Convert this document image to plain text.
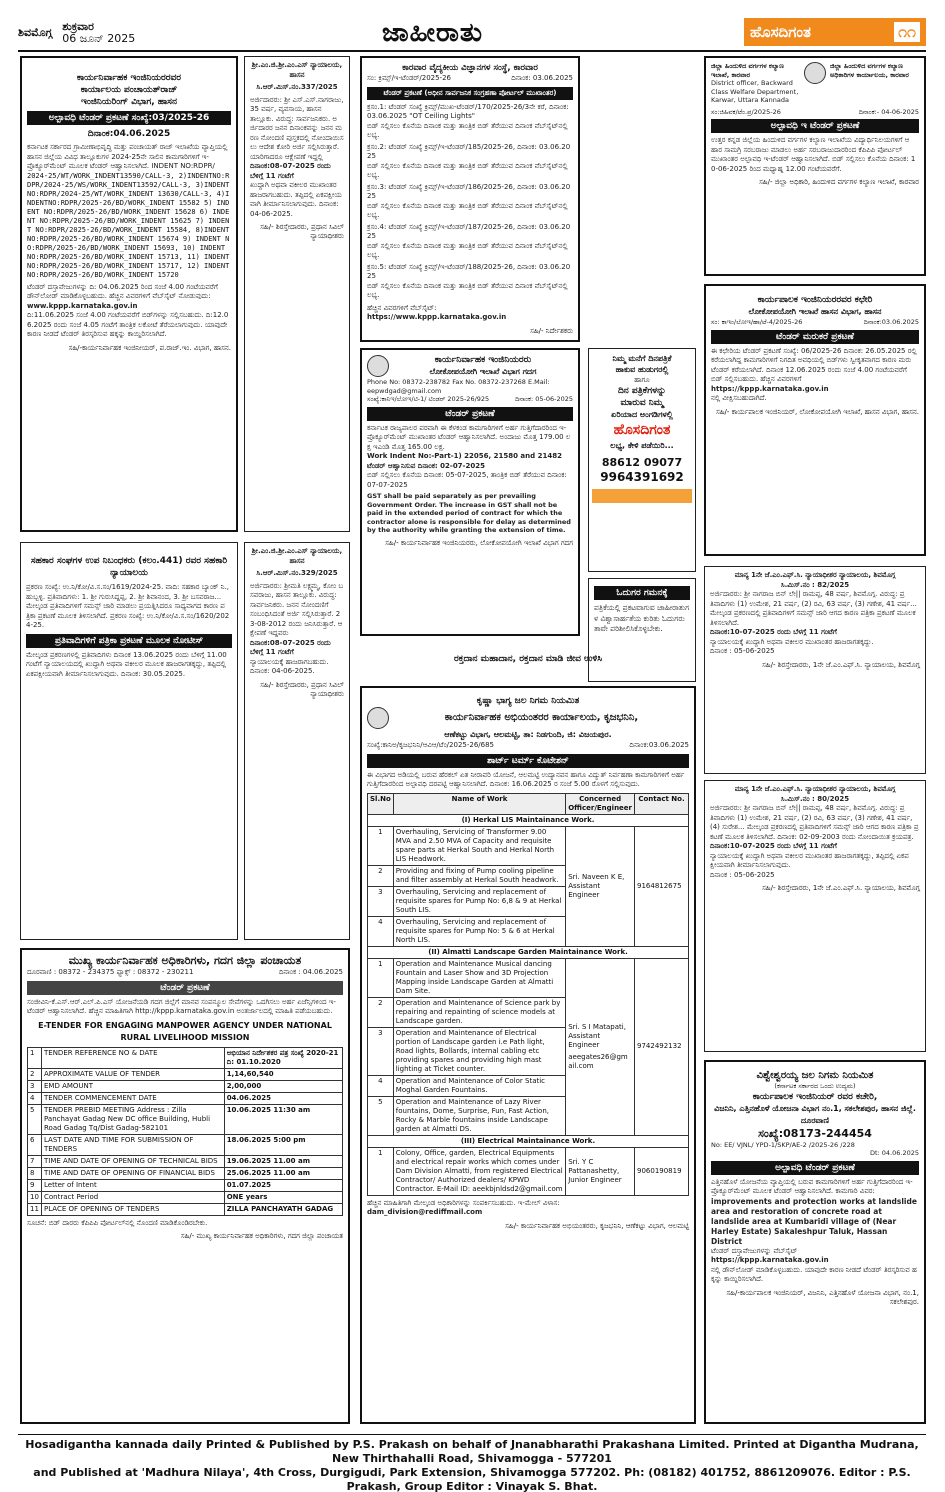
ಶಿವಮೊಗ್ಗ ಶುಕ್ರವಾರ
06 ಜೂನ್ 2025	ಜಾಹೀರಾತು	ಹೊಸದಿಗಂತ	೧೧
ಕಾರ್ಯನಿರ್ವಾಹಕ ಇಂಜಿನಿಯರರವರ
ಕಾರ್ಯಾಲಯ ಪಂಚಾಯತ್‌ರಾಜ್
ಇಂಜಿನಿಯರಿಂಗ್ ವಿಭಾಗ, ಹಾಸನ
ಅಲ್ಪಾವಧಿ ಟೆಂಡರ್ ಪ್ರಕಟಣೆ ಸಂಖ್ಯೆ:03/2025-26
ದಿನಾಂಕ:04.06.2025
ಕರ್ನಾಟಕ ಸರ್ಕಾರದ ಗ್ರಾಮೀಣಾಭಿವೃದ್ಧಿ ಮತ್ತು ಪಂಚಾಯತ್ ರಾಜ್ ಇಲಾಖೆಯ ವ್ಯಾಪ್ತಿಯಲ್ಲಿ ಹಾಸನ ಜಿಲ್ಲೆಯ ವಿವಿಧ ತಾಲ್ಲೂಕುಗಳ 2024-25ನೇ ಸಾಲಿನ ಕಾಮಗಾರಿಗಳಿಗೆ ಇ-ಪ್ರೊಕ್ಯೂರ್‌ಮೆಂಟ್ ಮೂಲಕ ಟೆಂಡರ್ ಆಹ್ವಾನಿಸಲಾಗಿದೆ. INDENT NO:RDPR/
2024-25/WT/WORK_INDENT13590/CALL-3, 2)INDENTNO:RDPR/2024-25/WS/WORK_INDENT13592/CALL-3, 3)INDENTNO:RDPR/2024-25/WT/WORK_INDENT 13630/CALL-3, 4)INDENTNO:RDPR/2025-26/BD/WORK_INDENT 15582 5) INDENT NO:RDPR/2025-26/BD/WORK_INDENT 15628 6) INDENT NO:RDPR/2025-26/BD/WORK_INDENT 15625 7) INDENT NO:RDPR/2025-26/BD/WORK_INDENT 15584, 8)INDENT NO:RDPR/2025-26/BD/WORK_INDENT 15674 9) INDENT NO:RDPR/2025-26/BD/WORK_INDENT 15693, 10) INDENT NO:RDPR/2025-26/BD/WORK_INDENT 15713, 11) INDENT NO:RDPR/2025-26/BD/WORK_INDENT 15717, 12) INDENT NO:RDPR/2025-26/BD/WORK_INDENT 15720
ಟೆಂಡರ್ ದಸ್ತಾವೇಜುಗಳನ್ನು ದಿ: 04.06.2025 ರಿಂದ ಸಂಜೆ 4.00 ಗಂಟೆಯವರೆಗೆ ಡೌನ್‌ಲೋಡ್ ಮಾಡಿಕೊಳ್ಳಬಹುದು. ಹೆಚ್ಚಿನ ವಿವರಗಳಿಗೆ ವೆಬ್‌ಸೈಟ್ ನೋಡುವುದು:
www.kppp.karnataka.gov.in
ದಿ:11.06.2025 ಸಂಜೆ 4.00 ಗಂಟೆಯವರೆಗೆ ಬಿಡ್‌ಗಳನ್ನು ಸಲ್ಲಿಸಬಹುದು. ದಿ:12.06.2025 ರಂದು ಸಂಜೆ 4.05 ಗಂಟೆಗೆ ತಾಂತ್ರಿಕ ಲಕೋಟೆ ತೆರೆಯಲಾಗುವುದು. ಯಾವುದೇ ಕಾರಣ ನೀಡದೆ ಟೆಂಡರ್ ತಿರಸ್ಕರಿಸುವ ಹಕ್ಕನ್ನು ಕಾಯ್ದಿರಿಸಲಾಗಿದೆ.
ಸಹಿ/-ಕಾರ್ಯನಿರ್ವಾಹಕ ಇಂಜಿನೀಯರ್, ಪ.ರಾಜ್.ಇಂ. ವಿಭಾಗ, ಹಾಸನ.
ಸಹಕಾರ ಸಂಘಗಳ ಉಪ ನಿಬಂಧಕರು (ಕಲಂ.441) ರವರ ಸಹಕಾರಿ ನ್ಯಾಯಾಲಯ
ಪ್ರಕರಣ ಸಂಖ್ಯೆ: ಉ.ನಿ/ಕೋ/ವಿ.ಸ.ಸಂ/1619/2024-25. ವಾದಿ: ಸಹಕಾರ ಬ್ಯಾಂಕ್ ನಿ., ಹುಬ್ಬಳ್ಳಿ. ಪ್ರತಿವಾದಿಗಳು: 1. ಶ್ರೀ ಗುರುಸಿದ್ದಪ್ಪ, 2. ಶ್ರೀ ಶಿವಾನಂದ, 3. ಶ್ರೀ ಬಸವರಾಜ... ಮೇಲ್ಕಂಡ ಪ್ರತಿವಾದಿಗಳಿಗೆ ಸಮನ್ಸ್ ಜಾರಿ ಮಾಡಲು ಪ್ರಯತ್ನಿಸಿದರೂ ಸಾಧ್ಯವಾಗದ ಕಾರಣ ಪತ್ರಿಕಾ ಪ್ರಕಟಣೆ ಮೂಲಕ ತಿಳಿಸಲಾಗಿದೆ. ಪ್ರಕರಣ ಸಂಖ್ಯೆ: ಉ.ನಿ/ಕೋ/ವಿ.ಸ.ಸಂ/1620/2024-25.
ಪ್ರತಿವಾದಿಗಳಿಗೆ ಪತ್ರಿಕಾ ಪ್ರಕಟಣೆ ಮೂಲಕ ನೋಟೀಸ್
ಮೇಲ್ಕಂಡ ಪ್ರಕರಣಗಳಲ್ಲಿ ಪ್ರತಿವಾದಿಗಳು ದಿನಾಂಕ 13.06.2025 ರಂದು ಬೆಳಿಗ್ಗೆ 11.00 ಗಂಟೆಗೆ ನ್ಯಾಯಾಲಯದಲ್ಲಿ ಖುದ್ದಾಗಿ ಅಥವಾ ವಕೀಲರ ಮೂಲಕ ಹಾಜರಾಗತಕ್ಕದ್ದು, ತಪ್ಪಿದಲ್ಲಿ ಏಕಪಕ್ಷೀಯವಾಗಿ ತೀರ್ಮಾನಿಸಲಾಗುವುದು. ದಿನಾಂಕ: 30.05.2025.
ಮುಖ್ಯ ಕಾರ್ಯನಿರ್ವಾಹಕ ಅಧಿಕಾರಿಗಳು, ಗದಗ ಜಿಲ್ಲಾ ಪಂಚಾಯತ
ದೂರವಾಣಿ : 08372 - 234375 ಫ್ಯಾಕ್ಸ್ : 08372 - 230211	ದಿನಾಂಕ : 04.06.2025
ಟೆಂಡರ್ ಪ್ರಕಟಣೆ
ಸಂಜೀವಿನಿ-ಕೆ.ಎಸ್.ಆರ್.ಎಲ್.ಪಿ.ಎಸ್ ಯೋಜನೆಯಡಿ ಗದಗ ಜಿಲ್ಲೆಗೆ ಮಾನವ ಸಂಪನ್ಮೂಲ ಸೇವೆಗಳನ್ನು ಒದಗಿಸಲು ಅರ್ಹ ಏಜೆನ್ಸಿಗಳಿಂದ ಇ-ಟೆಂಡರ್ ಆಹ್ವಾನಿಸಲಾಗಿದೆ. ಹೆಚ್ಚಿನ ಮಾಹಿತಿಗಾಗಿ http://kppp.karnataka.gov.in ಅಂತರ್ಜಾಲದಲ್ಲಿ ಮಾಹಿತಿ ಪಡೆಯಬಹುದು.
E-TENDER FOR ENGAGING MANPOWER AGENCY UNDER NATIONAL RURAL LIVELIHOOD MISSION
1	TENDER REFERENCE NO & DATE	ಅಭಿಯಾನ ನಿರ್ದೇಶಕರ ಪತ್ರ ಸಂಖ್ಯೆ 2020-21 ದಿ: 01.10.2020
2	APPROXIMATE VALUE OF TENDER	1,14,60,540
3	EMD AMOUNT	2,00,000
4	TENDER COMMENCEMENT DATE	04.06.2025
5	TENDER PREBID MEETING Address : Zilla Panchayat Gadag New DC office Building, Hubli Road Gadag Tq/Dist Gadag-582101	10.06.2025 11:30 am
6	LAST DATE AND TIME FOR SUBMISSION OF TENDERS	18.06.2025 5:00 pm
7	TIME AND DATE OF OPENING OF TECHNICAL BIDS	19.06.2025 11.00 am
8	TIME AND DATE OF OPENING OF FINANCIAL BIDS	25.06.2025 11.00 am
9	Letter of Intent	01.07.2025
10	Contract Period	ONE years
11	PLACE OF OPENING OF TENDERS	ZILLA PANCHAYATH GADAG
ಸೂಚನೆ: ಬಿಡ್ ದಾರರು ಕೆಪಿಪಿಪಿ ಪೋರ್ಟಲ್‌ನಲ್ಲಿ ನೊಂದಣಿ ಮಾಡಿಕೊಂಡಿರಬೇಕು.
ಸಹಿ/- ಮುಖ್ಯ ಕಾರ್ಯನಿರ್ವಾಹಕ ಅಧಿಕಾರಿಗಳು, ಗದಗ ಜಿಲ್ಲಾ ಪಂಚಾಯತ
ಶ್ರೀ.ಎಂ.ಜಿ.ಶ್ರೀ.ಎಂ.ಎಸ್ ನ್ಯಾಯಾಲಯ, ಹಾಸನ
ಸಿ.ಆರ್.ಮಿಸ್.ನಂ.337/2025
ಅರ್ಜಿದಾರರು: ಶ್ರೀ ಎಸ್.ಎಸ್.ನಾಗರಾಜು, 35 ವರ್ಷ, ವ್ಯವಸಾಯ, ಹಾಸನ ತಾಲ್ಲೂಕು. ವಿರುದ್ಧ: ಸಾರ್ವಜನಿಕರು. ಅರ್ಜಿದಾರರ ಜನನ ದಿನಾಂಕವನ್ನು ಜನನ ಮರಣ ನೋಂದಣಿ ಪುಸ್ತಕದಲ್ಲಿ ನೋಂದಾಯಿಸಲು ಆದೇಶ ಕೋರಿ ಅರ್ಜಿ ಸಲ್ಲಿಸಿರುತ್ತಾರೆ. ಯಾರಿಗಾದರೂ ಆಕ್ಷೇಪಣೆ ಇದ್ದಲ್ಲಿ
ದಿನಾಂಕ:08-07-2025 ರಂದು ಬೆಳಿಗ್ಗೆ 11 ಗಂಟೆಗೆ
ಖುದ್ದಾಗಿ ಅಥವಾ ವಕೀಲರ ಮುಖಾಂತರ ಹಾಜರಾಗಬಹುದು. ತಪ್ಪಿದಲ್ಲಿ ಏಕಪಕ್ಷೀಯವಾಗಿ ತೀರ್ಮಾನಿಸಲಾಗುವುದು. ದಿನಾಂಕ: 04-06-2025.
ಸಹಿ/- ಶಿರಸ್ತೇದಾರರು, ಪ್ರಧಾನ ಸಿವಿಲ್ ನ್ಯಾಯಾಧೀಶರು
ಶ್ರೀ.ಎಂ.ಜಿ.ಶ್ರೀ.ಎಂ.ಎಸ್ ನ್ಯಾಯಾಲಯ, ಹಾಸನ
ಸಿ.ಆರ್.ಮಿಸ್.ನಂ.329/2025
ಅರ್ಜಿದಾರರು: ಶ್ರೀಮತಿ ಲಕ್ಷ್ಮಮ್ಮ, ಕೋಂ ಬಸವರಾಜು, ಹಾಸನ ತಾಲ್ಲೂಕು. ವಿರುದ್ಧ: ಸಾರ್ವಜನಿಕರು. ಜನನ ನೋಂದಣಿಗೆ ಸಂಬಂಧಿಸಿದಂತೆ ಅರ್ಜಿ ಸಲ್ಲಿಸಿರುತ್ತಾರೆ. 23-08-2012 ರಂದು ಜನಿಸಿರುತ್ತಾರೆ. ಆಕ್ಷೇಪಣೆ ಇದ್ದವರು
ದಿನಾಂಕ:08-07-2025 ರಂದು ಬೆಳಿಗ್ಗೆ 11 ಗಂಟೆಗೆ
ನ್ಯಾಯಾಲಯಕ್ಕೆ ಹಾಜರಾಗಬಹುದು. ದಿನಾಂಕ: 04-06-2025.
ಸಹಿ/- ಶಿರಸ್ತೇದಾರರು, ಪ್ರಧಾನ ಸಿವಿಲ್ ನ್ಯಾಯಾಧೀಶರು
ಕಾರವಾರ ವೈದ್ಯಕೀಯ ವಿಜ್ಞಾನಗಳ ಸಂಸ್ಥೆ, ಕಾರವಾರ
ಸಂ: ಕ್ರಿಮ್ಸ್/ಇ-ಟೆಂಡರ್/2025-26	ದಿನಾಂಕ: 03.06.2025
ಟೆಂಡರ್ ಪ್ರಕಟಣೆ (ಅಧೀನ ಸಾರ್ವಜನಿಕ ಸಂಗ್ರಹಣಾ ಪೋರ್ಟಲ್ ಮುಖಾಂತರ)
ಕ್ರಸಂ.1: ಟೆಂಡರ್ ಸಂಖ್ಯೆ ಕ್ರಿಮ್ಸ್/ಮುಖ-ಟೆಂಡರ್/170/2025-26/3ನೇ ಕರೆ, ದಿನಾಂಕ: 03.06.2025 "OT Ceiling Lights"
ಬಿಡ್ ಸಲ್ಲಿಸಲು ಕೊನೆಯ ದಿನಾಂಕ ಮತ್ತು ತಾಂತ್ರಿಕ ಬಿಡ್ ತೆರೆಯುವ ದಿನಾಂಕ ವೆಬ್‌ಸೈಟ್‌ನಲ್ಲಿ ಲಭ್ಯ.
ಕ್ರಸಂ.2: ಟೆಂಡರ್ ಸಂಖ್ಯೆ ಕ್ರಿಮ್ಸ್/ಇ-ಟೆಂಡರ್/185/2025-26, ದಿನಾಂಕ: 03.06.2025
ಬಿಡ್ ಸಲ್ಲಿಸಲು ಕೊನೆಯ ದಿನಾಂಕ ಮತ್ತು ತಾಂತ್ರಿಕ ಬಿಡ್ ತೆರೆಯುವ ದಿನಾಂಕ ವೆಬ್‌ಸೈಟ್‌ನಲ್ಲಿ ಲಭ್ಯ.
ಕ್ರಸಂ.3: ಟೆಂಡರ್ ಸಂಖ್ಯೆ ಕ್ರಿಮ್ಸ್/ಇ-ಟೆಂಡರ್/186/2025-26, ದಿನಾಂಕ: 03.06.2025
ಬಿಡ್ ಸಲ್ಲಿಸಲು ಕೊನೆಯ ದಿನಾಂಕ ಮತ್ತು ತಾಂತ್ರಿಕ ಬಿಡ್ ತೆರೆಯುವ ದಿನಾಂಕ ವೆಬ್‌ಸೈಟ್‌ನಲ್ಲಿ ಲಭ್ಯ.
ಕ್ರಸಂ.4: ಟೆಂಡರ್ ಸಂಖ್ಯೆ ಕ್ರಿಮ್ಸ್/ಇ-ಟೆಂಡರ್/187/2025-26, ದಿನಾಂಕ: 03.06.2025
ಬಿಡ್ ಸಲ್ಲಿಸಲು ಕೊನೆಯ ದಿನಾಂಕ ಮತ್ತು ತಾಂತ್ರಿಕ ಬಿಡ್ ತೆರೆಯುವ ದಿನಾಂಕ ವೆಬ್‌ಸೈಟ್‌ನಲ್ಲಿ ಲಭ್ಯ.
ಕ್ರಸಂ.5: ಟೆಂಡರ್ ಸಂಖ್ಯೆ ಕ್ರಿಮ್ಸ್/ಇ-ಟೆಂಡರ್/188/2025-26, ದಿನಾಂಕ: 03.06.2025
ಬಿಡ್ ಸಲ್ಲಿಸಲು ಕೊನೆಯ ದಿನಾಂಕ ಮತ್ತು ತಾಂತ್ರಿಕ ಬಿಡ್ ತೆರೆಯುವ ದಿನಾಂಕ ವೆಬ್‌ಸೈಟ್‌ನಲ್ಲಿ ಲಭ್ಯ.
ಹೆಚ್ಚಿನ ವಿವರಗಳಿಗೆ ವೆಬ್‌ಸೈಟ್:
https://www.kppp.karnataka.gov.in
ಸಹಿ/- ನಿರ್ದೇಶಕರು
ಕಾರ್ಯನಿರ್ವಾಹಕ ಇಂಜಿನಿಯರರು
ಲೋಕೋಪಯೋಗಿ ಇಲಾಖೆ ವಿಭಾಗ ಗದಗ
Phone No: 08372-238782 Fax No. 08372-237268 E.Mail: eepwdgad@gmail.com
ಸಂಖ್ಯೆ:ಕಾನಿಇ/ಲೋಇ/ಟಿ-1/ ಟಿಂಡರ್ 2025-26/925	ದಿನಾಂಕ: 05-06-2025
ಟೆಂಡರ್ ಪ್ರಕಟಣೆ
ಕರ್ನಾಟಕ ರಾಜ್ಯಪಾಲರ ಪರವಾಗಿ ಈ ಕೆಳಕಂಡ ಕಾಮಗಾರಿಗಳಿಗೆ ಅರ್ಹ ಗುತ್ತಿಗೆದಾರರಿಂದ ಇ-ಪ್ರೊಕ್ಯೂರ್‌ಮೆಂಟ್ ಮುಖಾಂತರ ಟೆಂಡರ್ ಆಹ್ವಾನಿಸಲಾಗಿದೆ. ಅಂದಾಜು ಮೊತ್ತ 179.00 ಲಕ್ಷ ಇಎಂಡಿ ಮೊತ್ತ 165.00 ಲಕ್ಷ.
Work Indent No:-Part-1) 22056, 21580 and 21482
ಟೆಂಡರ್ ಆಹ್ವಾನಿಸುವ ದಿನಾಂಕ: 02-07-2025
ಬಿಡ್ ಸಲ್ಲಿಸಲು ಕೊನೆಯ ದಿನಾಂಕ: 05-07-2025, ತಾಂತ್ರಿಕ ಬಿಡ್ ತೆರೆಯುವ ದಿನಾಂಕ: 07-07-2025
GST shall be paid separately as per prevailing Government Order. The increase in GST shall not be paid in the extended period of contract for which the contractor alone is responsible for delay as determined by the authority while granting the extension of time.
ಸಹಿ/- ಕಾರ್ಯನಿರ್ವಾಹಕ ಇಂಜಿನಿಯರರು, ಲೋಕೋಪಯೋಗಿ ಇಲಾಖೆ ವಿಭಾಗ ಗದಗ
ನಿಮ್ಮ ಮನೆಗೆ ದಿನಪತ್ರಿಕೆ
ಹಾಕುವ ಹುಡುಗರಲ್ಲಿ
ಹಾಗೂ
ದಿನ ಪತ್ರಿಕೆಗಳನ್ನು
ಮಾರುವ ನಿಮ್ಮ
ಏರಿಯಾದ ಅಂಗಡಿಗಳಲ್ಲಿ
ಹೊಸದಿಗಂತ
ಲಭ್ಯ, ಕೇಳಿ ಪಡೆಯಿರಿ...
88612 09077
9964391692
ಓದುಗರ ಗಮನಕ್ಕೆ
ಪತ್ರಿಕೆಯಲ್ಲಿ ಪ್ರಕಟವಾಗುವ ಜಾಹೀರಾತುಗಳ ವಿಶ್ವಾಸಾರ್ಹತೆಯ ಕುರಿತು ಓದುಗರು ತಾವೇ ಪರಿಶೀಲಿಸಿಕೊಳ್ಳಬೇಕು.
ರಕ್ತದಾನ ಮಹಾದಾನ, ರಕ್ತದಾನ ಮಾಡಿ ಜೀವ ಉಳಿಸಿ
ಕೃಷ್ಣಾ ಭಾಗ್ಯ ಜಲ ನಿಗಮ ನಿಯಮಿತ
ಕಾರ್ಯನಿರ್ವಾಹಕ ಅಭಿಯಂತರರ ಕಾರ್ಯಾಲಯ, ಕೃಜಭನಿನಿ,
ಆಣೆಕಟ್ಟು ವಿಭಾಗ, ಆಲಮಟ್ಟಿ, ತಾ: ನಿಡಗುಂದಿ, ಜಿ: ವಿಜಯಪುರ.
ಸಂಖ್ಯೆ:ಕಾನಿಅ/ಕೃಜಭನಿನಿ/ಆವಿಆ/ಟೆಂ/2025-26/685	ದಿನಾಂಕ:03.06.2025
ಶಾರ್ಟ್ ಟರ್ಮ್ ಕೊಟೇಶನ್
ಈ ವಿಭಾಗದ ಅಡಿಯಲ್ಲಿ ಬರುವ ಹೆರಕಲ್ ಏತ ನೀರಾವರಿ ಯೋಜನೆ, ಆಲಮಟ್ಟಿ ಉದ್ಯಾನವನ ಹಾಗೂ ವಿದ್ಯುತ್ ನಿರ್ವಹಣಾ ಕಾಮಗಾರಿಗಳಿಗೆ ಅರ್ಹ ಗುತ್ತಿಗೆದಾರರಿಂದ ಅಲ್ಪಾವಧಿ ದರಪಟ್ಟಿ ಆಹ್ವಾನಿಸಲಾಗಿದೆ. ದಿನಾಂಕ: 16.06.2025 ರ ಸಂಜೆ 5.00 ರೊಳಗೆ ಸಲ್ಲಿಸುವುದು.
Sl.No	Name of Work	Concerned Officer/Engineer	Contact No.
(I) Herkal LIS Maintainance Work.			
1	Overhauling, Servicing of Transformer 9.00 MVA and 2.50 MVA of Capacity and requisite spare parts at Herkal South and Herkal North LIS Headwork.	Sri. Naveen K E, Assistant Engineer	9164812675
2	Providing and fixing of Pump cooling pipeline and filter assembly at Herkal South headwork.		
3	Overhauling, Servicing and replacement of requisite spares for Pump No: 6,8 & 9 at Herkal South LIS.		
4	Overhauling, Servicing and replacement of requisite spares for Pump No: 5 & 6 at Herkal North LIS.		
(II) Almatti Landscape Garden Maintainance Work.			
1	Operation and Maintenance Musical dancing Fountain and Laser Show and 3D Projection Mapping inside Landscape Garden at Almatti Dam Site.	Sri. S I Matapati, Assistant Engineer
aeegates26@gmail.com	9742492132
2	Operation and Maintenance of Science park by repairing and repainting of science models at Landscape garden.		
3	Operation and Maintenance of Electrical portion of Landscape garden i.e Path light, Road lights, Bollards, internal cabling etc providing spares and providing high mast lighting at Ticket counter.		
4	Operation and Maintenance of Color Static Moghal Garden Fountains.		
5	Operation and Maintenance of Lazy River fountains, Dome, Surprise, Fun, Fast Action, Rocky & Marble fountains inside Landscape garden at Almatti DS.		
(III) Electrical Maintainance Work.			
1	Colony, Office, garden, Electrical Equipments and electrical repair works which comes under Dam Division Almatti, from registered Electrical Contractor/ Authorized dealers/ KPWD Contractor. E-Mail ID: aeekbjnldsd2@gmail.com	Sri. Y C Pattanashetty, Junior Engineer	9060190819
ಹೆಚ್ಚಿನ ಮಾಹಿತಿಗಾಗಿ ಮೇಲ್ಕಂಡ ಅಧಿಕಾರಿಗಳನ್ನು ಸಂಪರ್ಕಿಸಬಹುದು. ಇ-ಮೇಲ್ ವಿಳಾಸ:
dam_division@rediffmail.com
ಸಹಿ/- ಕಾರ್ಯನಿರ್ವಾಹಕ ಅಭಿಯಂತರರು, ಕೃಜಭನಿನಿ, ಆಣೆಕಟ್ಟು ವಿಭಾಗ, ಆಲಮಟ್ಟಿ
ಜಿಲ್ಲಾ ಹಿಂದುಳಿದ ವರ್ಗಗಳ ಕಲ್ಯಾಣ ಇಲಾಖೆ, ಕಾರವಾರ
District officer, Backward Class Welfare Department, Karwar, Uttara Kannada
ಜಿಲ್ಲಾ ಹಿಂದುಳಿದ ವರ್ಗಗಳ ಕಲ್ಯಾಣ ಅಧಿಕಾರಿಗಳ ಕಾರ್ಯಾಲಯ, ಕಾರವಾರ
ಸಂ:ಜಿಹಿವಕ/ಟೆಂ.ಪ್ರ/2025-26	ದಿನಾಂಕ:- 04-06-2025
ಅಲ್ಪಾವಧಿ ಇ ಟೆಂಡರ್ ಪ್ರಕಟಣೆ
ಉತ್ತರ ಕನ್ನಡ ಜಿಲ್ಲೆಯ ಹಿಂದುಳಿದ ವರ್ಗಗಳ ಕಲ್ಯಾಣ ಇಲಾಖೆಯ ವಿದ್ಯಾರ್ಥಿನಿಲಯಗಳಿಗೆ ಆಹಾರ ಸಾಮಗ್ರಿ ಸರಬರಾಜು ಮಾಡಲು ಅರ್ಹ ಸರಬರಾಜುದಾರರಿಂದ ಕೆಪಿಪಿಪಿ ಪೋರ್ಟಲ್ ಮುಖಾಂತರ ಅಲ್ಪಾವಧಿ ಇ-ಟೆಂಡರ್ ಆಹ್ವಾನಿಸಲಾಗಿದೆ. ಬಿಡ್ ಸಲ್ಲಿಸಲು ಕೊನೆಯ ದಿನಾಂಕ: 10-06-2025 ರಿಂದ ಮಧ್ಯಾಹ್ನ 12.00 ಗಂಟೆಯವರೆಗೆ.
ಸಹಿ/- ಜಿಲ್ಲಾ ಅಧಿಕಾರಿ, ಹಿಂದುಳಿದ ವರ್ಗಗಳ ಕಲ್ಯಾಣ ಇಲಾಖೆ, ಕಾರವಾರ
ಕಾರ್ಯಪಾಲಕ ಇಂಜಿನಿಯರರವರ ಕಛೇರಿ
ಲೋಕೋಪಯೋಗಿ ಇಲಾಖೆ ಹಾಸನ ವಿಭಾಗ, ಹಾಸನ
ಸಂ: ಕಾಇಂ/ಲೋಇ/ಹಾ/ಟೆ-4/2025-26	ದಿನಾಂಕ:03.06.2025
ಟೆಂಡರ್ ಮರುಕರೆ ಪ್ರಕಟಣೆ
ಈ ಕಛೇರಿಯ ಟೆಂಡರ್ ಪ್ರಕಟಣೆ ಸಂಖ್ಯೆ: 06/2025-26 ದಿನಾಂಕ: 26.05.2025 ರಲ್ಲಿ ಕರೆಯಲಾಗಿದ್ದ ಕಾಮಗಾರಿಗಳಿಗೆ ನಿಗದಿತ ಅವಧಿಯಲ್ಲಿ ಬಿಡ್‌ಗಳು ಸ್ವೀಕೃತವಾಗದ ಕಾರಣ ಮರು ಟೆಂಡರ್ ಕರೆಯಲಾಗಿದೆ. ದಿನಾಂಕ 12.06.2025 ರಂದು ಸಂಜೆ 4.00 ಗಂಟೆಯವರೆಗೆ ಬಿಡ್ ಸಲ್ಲಿಸಬಹುದು. ಹೆಚ್ಚಿನ ವಿವರಗಳಿಗೆ
https://kppp.karnataka.gov.in
ನಲ್ಲಿ ವೀಕ್ಷಿಸಬಹುದಾಗಿದೆ.
ಸಹಿ/- ಕಾರ್ಯಪಾಲಕ ಇಂಜಿನಿಯರ್, ಲೋಕೋಪಯೋಗಿ ಇಲಾಖೆ, ಹಾಸನ ವಿಭಾಗ, ಹಾಸನ.
ಮಾನ್ಯ 1ನೇ ಜೆ.ಎಂ.ಎಫ್.ಸಿ. ನ್ಯಾಯಾಧೀಶರ ನ್ಯಾಯಾಲಯ, ಶಿವಮೊಗ್ಗ
ಸಿ.ಮಿಸ್.ನಂ : 82/2025
ಅರ್ಜಿದಾರರು: ಶ್ರೀ ನಾಗರಾಜ ಬಿನ್ ಲೇ|| ರಾಮಪ್ಪ, 48 ವರ್ಷ, ಶಿವಮೊಗ್ಗ. ವಿರುದ್ಧ: ಪ್ರತಿವಾದಿಗಳು (1) ಉಮೇಶ, 21 ವರ್ಷ, (2) ರವಿ, 63 ವರ್ಷ, (3) ಗಣೇಶ, 41 ವರ್ಷ... ಮೇಲ್ಕಂಡ ಪ್ರಕರಣದಲ್ಲಿ ಪ್ರತಿವಾದಿಗಳಿಗೆ ಸಮನ್ಸ್ ಜಾರಿ ಆಗದ ಕಾರಣ ಪತ್ರಿಕಾ ಪ್ರಕಟಣೆ ಮೂಲಕ ತಿಳಿಸಲಾಗಿದೆ.
ದಿನಾಂಕ:10-07-2025 ರಂದು ಬೆಳಗ್ಗೆ 11 ಗಂಟೆಗೆ
ನ್ಯಾಯಾಲಯಕ್ಕೆ ಖುದ್ದಾಗಿ ಅಥವಾ ವಕೀಲರ ಮುಖಾಂತರ ಹಾಜರಾಗತಕ್ಕದ್ದು.
ದಿನಾಂಕ : 05-06-2025
ಸಹಿ/- ಶಿರಸ್ತೇದಾರರು, 1ನೇ ಜೆ.ಎಂ.ಎಫ್.ಸಿ. ನ್ಯಾಯಾಲಯ, ಶಿವಮೊಗ್ಗ
ಮಾನ್ಯ 1ನೇ ಜೆ.ಎಂ.ಎಫ್.ಸಿ. ನ್ಯಾಯಾಧೀಶರ ನ್ಯಾಯಾಲಯ, ಶಿವಮೊಗ್ಗ
ಸಿ.ಮಿಸ್.ನಂ : 80/2025
ಅರ್ಜಿದಾರರು: ಶ್ರೀ ನಾಗರಾಜ ಬಿನ್ ಲೇ|| ರಾಮಪ್ಪ, 48 ವರ್ಷ, ಶಿವಮೊಗ್ಗ. ವಿರುದ್ಧ: ಪ್ರತಿವಾದಿಗಳು (1) ಉಮೇಶ, 21 ವರ್ಷ, (2) ರವಿ, 63 ವರ್ಷ, (3) ಗಣೇಶ, 41 ವರ್ಷ, (4) ಸುರೇಶ... ಮೇಲ್ಕಂಡ ಪ್ರಕರಣದಲ್ಲಿ ಪ್ರತಿವಾದಿಗಳಿಗೆ ಸಮನ್ಸ್ ಜಾರಿ ಆಗದ ಕಾರಣ ಪತ್ರಿಕಾ ಪ್ರಕಟಣೆ ಮೂಲಕ ತಿಳಿಸಲಾಗಿದೆ. ದಿನಾಂಕ: 02-09-2003 ರಂದು ನೋಂದಾಯಿತ ಕ್ರಯಪತ್ರ.
ದಿನಾಂಕ:10-07-2025 ರಂದು ಬೆಳಗ್ಗೆ 11 ಗಂಟೆಗೆ
ನ್ಯಾಯಾಲಯಕ್ಕೆ ಖುದ್ದಾಗಿ ಅಥವಾ ವಕೀಲರ ಮುಖಾಂತರ ಹಾಜರಾಗತಕ್ಕದ್ದು, ತಪ್ಪಿದಲ್ಲಿ ಏಕಪಕ್ಷೀಯವಾಗಿ ತೀರ್ಮಾನಿಸಲಾಗುವುದು.
ದಿನಾಂಕ : 05-06-2025
ಸಹಿ/- ಶಿರಸ್ತೇದಾರರು, 1ನೇ ಜೆ.ಎಂ.ಎಫ್.ಸಿ. ನ್ಯಾಯಾಲಯ, ಶಿವಮೊಗ್ಗ
ವಿಶ್ವೇಶ್ವರಯ್ಯ ಜಲ ನಿಗಮ ನಿಯಮಿತ
(ಕರ್ನಾಟಕ ಸರ್ಕಾರದ ಒಂದು ಉದ್ಯಮ)
ಕಾರ್ಯಪಾಲಕ ಇಂಜಿನಿಯರ್ ರವರ ಕಚೇರಿ,
ವಿಜನಿನಿ, ಎತ್ತಿನಹೊಳೆ ಯೋಜನಾ ವಿಭಾಗ ನಂ.1, ಸಕಲೇಶಪುರ, ಹಾಸನ ಜಿಲ್ಲೆ. ದೂರವಾಣಿ
ಸಂಖ್ಯೆ:08173-244454
No: EE/ VJNL/ YPD-1/SKP/AE-2 /2025-26 /228
Dt: 04.06.2025
ಅಲ್ಪಾವಧಿ ಟೆಂಡರ್ ಪ್ರಕಟಣೆ
ಎತ್ತಿನಹೊಳೆ ಯೋಜನೆಯ ವ್ಯಾಪ್ತಿಯಲ್ಲಿ ಬರುವ ಕಾಮಗಾರಿಗಳಿಗೆ ಅರ್ಹ ಗುತ್ತಿಗೆದಾರರಿಂದ ಇ-ಪ್ರೊಕ್ಯೂರ್‌ಮೆಂಟ್ ಮೂಲಕ ಟೆಂಡರ್ ಆಹ್ವಾನಿಸಲಾಗಿದೆ. ಕಾಮಗಾರಿ ವಿವರ:
improvements and protection works at landslide area and restoration of concrete road at landslide area at Kumbaridi village of (Near Harley Estate) Sakaleshpur Taluk, Hassan District
ಟೆಂಡರ್ ದಸ್ತಾವೇಜುಗಳನ್ನು ವೆಬ್‌ಸೈಟ್
https://kppp.karnataka.gov.in
ನಲ್ಲಿ ಡೌನ್‌ಲೋಡ್ ಮಾಡಿಕೊಳ್ಳಬಹುದು. ಯಾವುದೇ ಕಾರಣ ನೀಡದೆ ಟೆಂಡರ್ ತಿರಸ್ಕರಿಸುವ ಹಕ್ಕನ್ನು ಕಾಯ್ದಿರಿಸಲಾಗಿದೆ.
ಸಹಿ/-ಕಾರ್ಯಪಾಲಕ ಇಂಜಿನಿಯರ್, ವಿಜನಿನಿ, ಎತ್ತಿನಹೊಳೆ ಯೋಜನಾ ವಿಭಾಗ, ನಂ.1, ಸಕಲೇಶಪುರ.
Hosadigantha kannada daily Printed & Published by P.S. Prakash on behalf of Jnanabharathi Prakashana Limited. Printed at Digantha Mudrana, New Thirthahalli Road, Shivamogga - 577201
and Published at 'Madhura Nilaya', 4th Cross, Durgigudi, Park Extension, Shivamogga 577202. Ph: (08182) 401752, 8861209076. Editor : P.S. Prakash, Group Editor : Vinayak S. Bhat.
